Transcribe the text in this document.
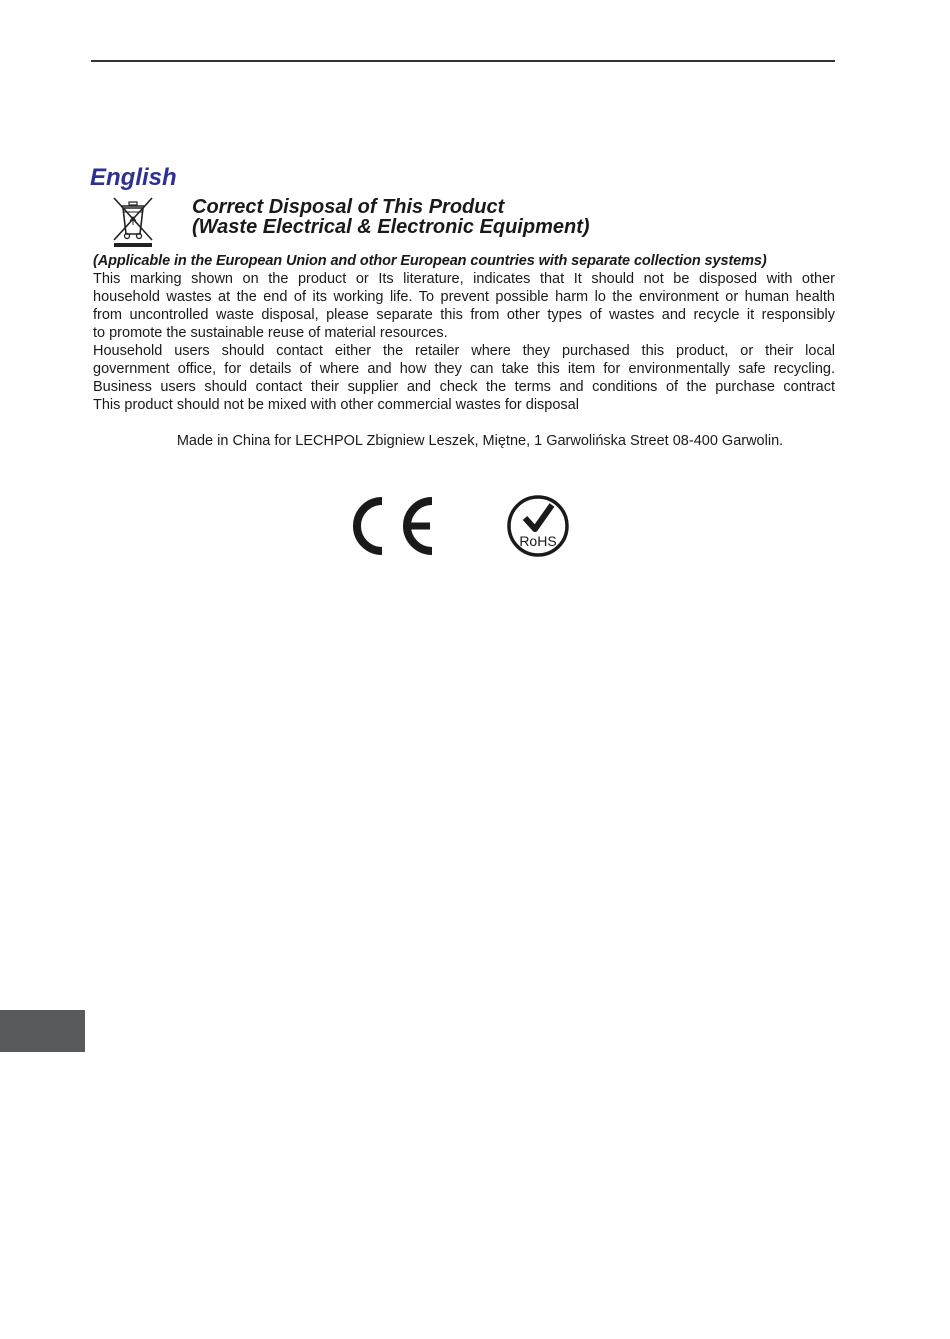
English
Correct Disposal of This Product
(Waste Electrical & Electronic Equipment)
(Applicable in the European Union and othor European countries with separate collection systems)
This marking shown on the product or Its literature, indicates that It should not be disposed with other
household wastes at the end of its working life. To prevent possible harm lo the environment or human health
from uncontrolled waste disposal, please separate this from other types of wastes and recycle it responsibly
to promote the sustainable reuse of material resources.
Household users should contact either the retailer where they purchased this product, or their local
government office, for details of where and how they can take this item for environmentally safe recycling.
Business users should contact their supplier and check the terms and conditions of the purchase contract
This product should not be mixed with other commercial wastes for disposal
Made in China for LECHPOL Zbigniew Leszek, Miętne, 1 Garwolińska Street 08-400 Garwolin.
RoHS
